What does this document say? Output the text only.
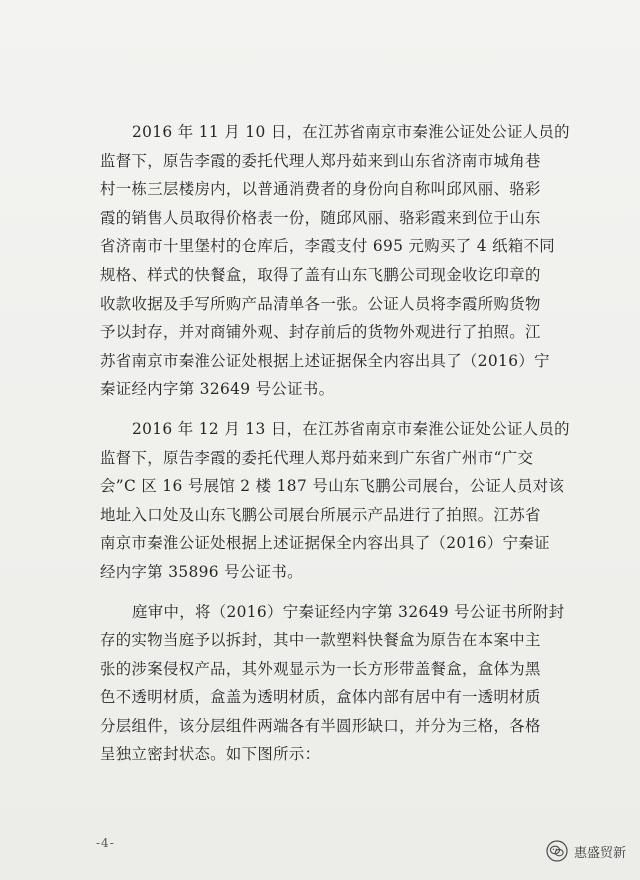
2016 年 11 月 10 日，在江苏省南京市秦淮公证处公证人员的
监督下，原告李霞的委托代理人郑丹茹来到山东省济南市城角巷
村一栋三层楼房内，以普通消费者的身份向自称叫邱风丽、骆彩
霞的销售人员取得价格表一份，随邱风丽、骆彩霞来到位于山东
省济南市十里堡村的仓库后，李霞支付 695 元购买了 4 纸箱不同
规格、样式的快餐盒，取得了盖有山东飞鹏公司现金收讫印章的
收款收据及手写所购产品清单各一张。公证人员将李霞所购货物
予以封存，并对商铺外观、封存前后的货物外观进行了拍照。江
苏省南京市秦淮公证处根据上述证据保全内容出具了（2016）宁
秦证经内字第 32649 号公证书。

2016 年 12 月 13 日，在江苏省南京市秦淮公证处公证人员的
监督下，原告李霞的委托代理人郑丹茹来到广东省广州市“广交
会”C 区 16 号展馆 2 楼 187 号山东飞鹏公司展台，公证人员对该
地址入口处及山东飞鹏公司展台所展示产品进行了拍照。江苏省
南京市秦淮公证处根据上述证据保全内容出具了（2016）宁秦证
经内字第 35896 号公证书。

庭审中，将（2016）宁秦证经内字第 32649 号公证书所附封
存的实物当庭予以拆封，其中一款塑料快餐盒为原告在本案中主
张的涉案侵权产品，其外观显示为一长方形带盖餐盒，盒体为黑
色不透明材质，盒盖为透明材质，盒体内部有居中有一透明材质
分层组件，该分层组件两端各有半圆形缺口，并分为三格，各格
呈独立密封状态。如下图所示：

-4-
惠盛贸新
